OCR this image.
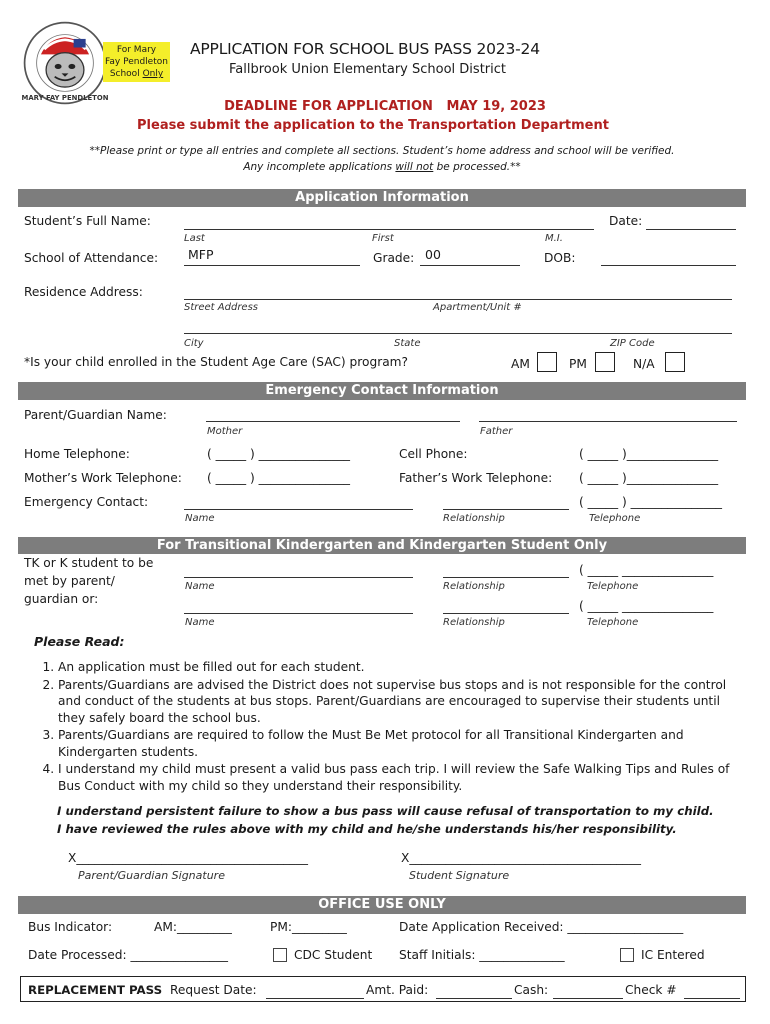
MARY FAY PENDLETON
For Mary
Fay Pendleton
School Only
APPLICATION FOR SCHOOL BUS PASS 2023-24
Fallbrook Union Elementary School District
DEADLINE FOR APPLICATION   MAY 19, 2023
Please submit the application to the Transportation Department
**Please print or type all entries and complete all sections. Student’s home address and school will be verified.
Any incomplete applications will not be processed.**
Application Information
Student’s Full Name:	Date:
Last	First	M.I.
School of Attendance: MFP	Grade: 00	DOB:
Residence Address:
Street Address	Apartment/Unit #
City	State	ZIP Code
*Is your child enrolled in the Student Age Care (SAC) program?	AM	PM	N/A
Emergency Contact Information
Parent/Guardian Name:
Mother	Father
Home Telephone:	( _____ ) _______________	Cell Phone:	( _____ )_______________
Mother’s Work Telephone: ( _____ ) _______________	Father’s Work Telephone: ( _____ )_______________
Emergency Contact:	( _____ ) _______________
Name	Relationship	Telephone
For Transitional Kindergarten and Kindergarten Student Only
TK or K student to be
met by parent/
guardian or:
( _____ _______________
Name	Relationship	Telephone
( _____ _______________
Name	Relationship	Telephone
Please Read:
1. An application must be filled out for each student.
2. Parents/Guardians are advised the District does not supervise bus stops and is not responsible for the control and conduct of the students at bus stops. Parent/Guardians are encouraged to supervise their students until they safely board the school bus.
3. Parents/Guardians are required to follow the Must Be Met protocol for all Transitional Kindergarten and Kindergarten students.
4. I understand my child must present a valid bus pass each trip. I will review the Safe Walking Tips and Rules of Bus Conduct with my child so they understand their responsibility.
I understand persistent failure to show a bus pass will cause refusal of transportation to my child.
I have reviewed the rules above with my child and he/she understands his/her responsibility.
X______________________________________	X______________________________________
Parent/Guardian Signature	Student Signature
OFFICE USE ONLY
Bus Indicator:	AM:_________	PM:_________	Date Application Received: ___________________
Date Processed: ________________	CDC Student Staff Initials: ______________	IC Entered
REPLACEMENT PASS Request Date:	Amt. Paid:	Cash:	Check #
